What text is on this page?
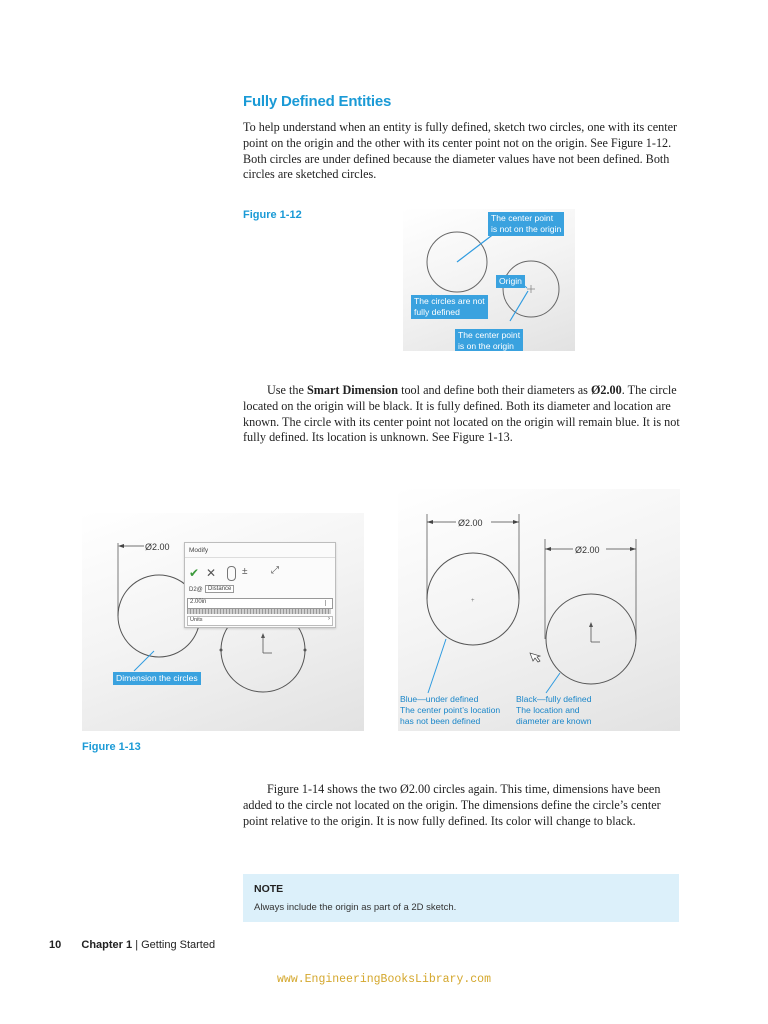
Fully Defined Entities

To help understand when an entity is fully defined, sketch two circles, one with its center point on the origin and the other with its center point not on the origin. See Figure 1-12. Both circles are under defined because the diameter values have not been defined. Both circles are sketched circles.

Figure 1-12	The center point
is not on the origin
Origin
The circles are not
fully defined
The center point
is on the origin

Use the Smart Dimension tool and define both their diameters as Ø2.00. The circle located on the origin will be black. It is fully defined. Both its diameter and location are known. The circle with its center point not located on the origin will remain blue. It is not fully defined. Its location is unknown. See Figure 1-13.

Ø2.00	Modify
✔ ✕	± ⤢
D2@ Distance
2.00in
Units	›
Dimension the circles
Ø2.00
Ø2.00
+
Blue—under defined
The center point’s location
has not been defined
Black—fully defined
The location and
diameter are known
Figure 1-13

Figure 1-14 shows the two Ø2.00 circles again. This time, dimensions have been added to the circle not located on the origin. The dimensions define the circle’s center point relative to the origin. It is now fully defined. Its color will change to black.

NOTE
Always include the origin as part of a 2D sketch.
10 Chapter 1 | Getting Started
www.EngineeringBooksLibrary.com
